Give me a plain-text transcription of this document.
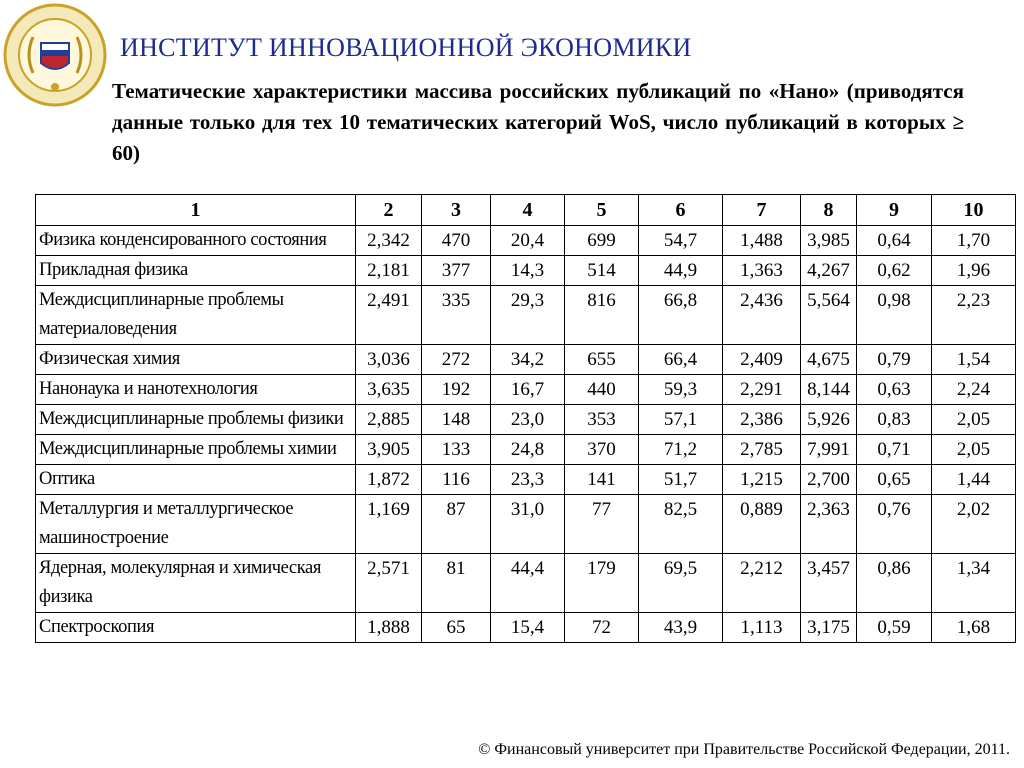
ИНСТИТУТ ИННОВАЦИОННОЙ ЭКОНОМИКИ
Тематические характеристики массива российских публикаций по «Нано» (приводятся данные только для тех 10 тематических категорий WoS, число публикаций в которых ≥ 60)
1	2	3	4	5	6	7	8	9	10
Физика конденсированного состояния	2,342	470	20,4	699	54,7	1,488	3,985	0,64	1,70
Прикладная физика	2,181	377	14,3	514	44,9	1,363	4,267	0,62	1,96
Междисциплинарные проблемы материаловедения	2,491	335	29,3	816	66,8	2,436	5,564	0,98	2,23
Физическая химия	3,036	272	34,2	655	66,4	2,409	4,675	0,79	1,54
Нанонаука и нанотехнология	3,635	192	16,7	440	59,3	2,291	8,144	0,63	2,24
Междисциплинарные проблемы физики	2,885	148	23,0	353	57,1	2,386	5,926	0,83	2,05
Междисциплинарные проблемы химии	3,905	133	24,8	370	71,2	2,785	7,991	0,71	2,05
Оптика	1,872	116	23,3	141	51,7	1,215	2,700	0,65	1,44
Металлургия и металлургическое машиностроение	1,169	87	31,0	77	82,5	0,889	2,363	0,76	2,02
Ядерная, молекулярная и химическая физика	2,571	81	44,4	179	69,5	2,212	3,457	0,86	1,34
Спектроскопия	1,888	65	15,4	72	43,9	1,113	3,175	0,59	1,68
© Финансовый университет при Правительстве Российской Федерации, 2011.
